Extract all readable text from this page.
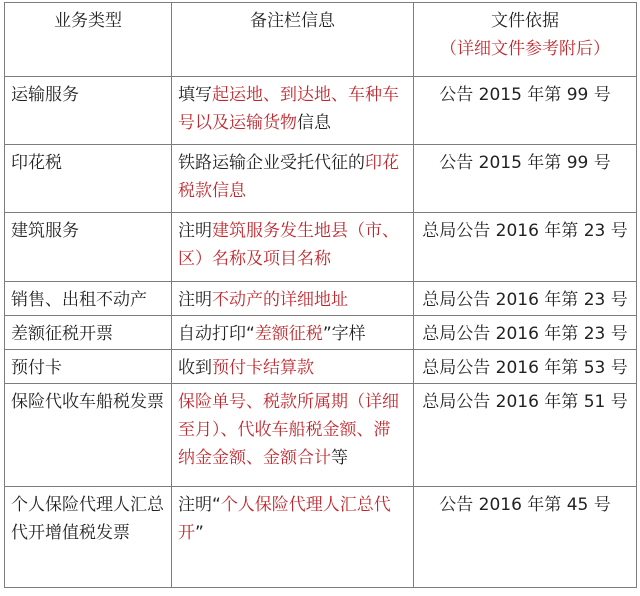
业务类型	备注栏信息	文件依据
（详细文件参考附后）

运输服务	填写起运地、到达地、车种车号以及运输货物信息	公告 2015 年第 99 号
印花税	铁路运输企业受托代征的印花税款信息	公告 2015 年第 99 号
建筑服务	注明建筑服务发生地县（市、区）名称及项目名称	总局公告 2016 年第 23 号
销售、出租不动产	注明不动产的详细地址	总局公告 2016 年第 23 号
差额征税开票	自动打印“差额征税”字样	总局公告 2016 年第 23 号
预付卡	收到预付卡结算款	总局公告 2016 年第 53 号
保险代收车船税发票	保险单号、税款所属期（详细至月）、代收车船税金额、滞纳金金额、金额合计等	总局公告 2016 年第 51 号
个人保险代理人汇总代开增值税发票	注明“个人保险代理人汇总代开”	公告 2016 年第 45 号
